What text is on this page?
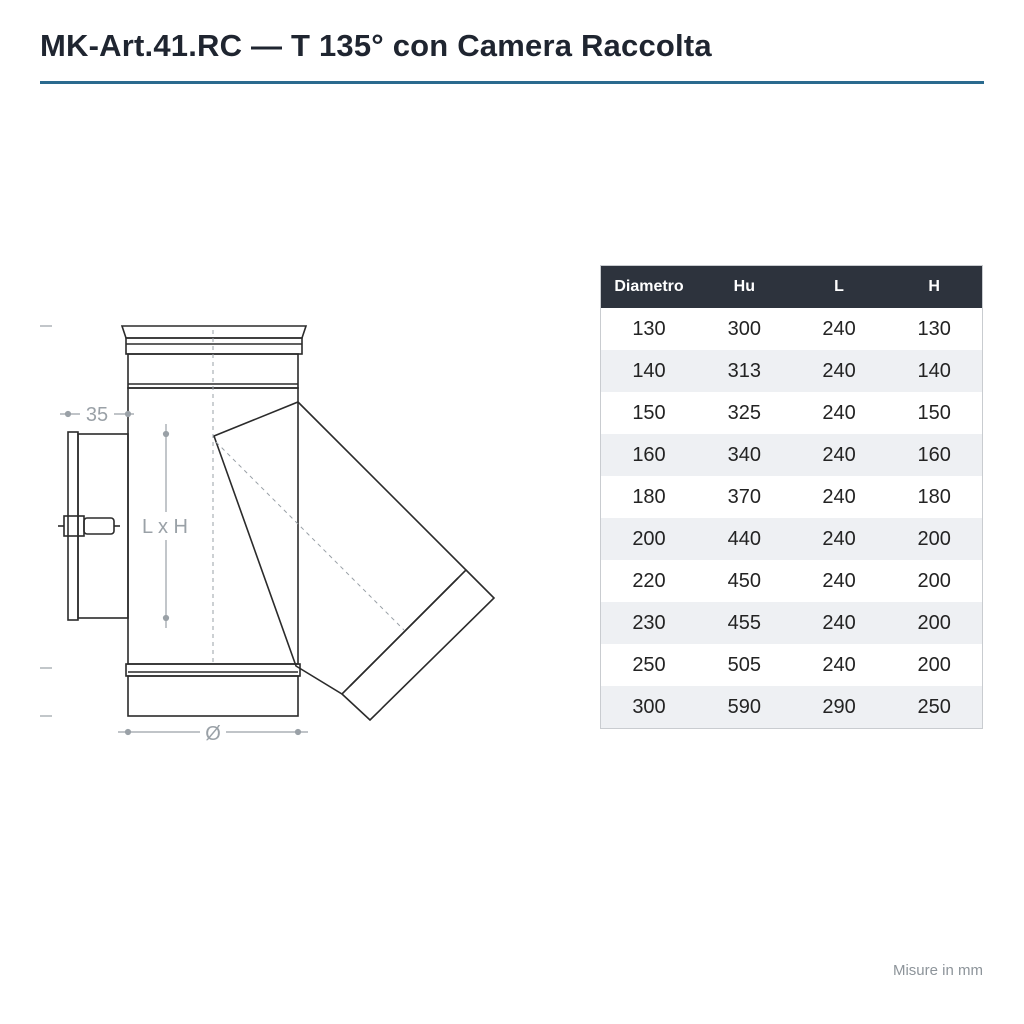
MK-Art.41.RC — T 135° con Camera Raccolta
35
L x H
Ø
Diametro	Hu	L	H
130	300	240	130
140	313	240	140
150	325	240	150
160	340	240	160
180	370	240	180
200	440	240	200
220	450	240	200
230	455	240	200
250	505	240	200
300	590	290	250
Misure in mm
